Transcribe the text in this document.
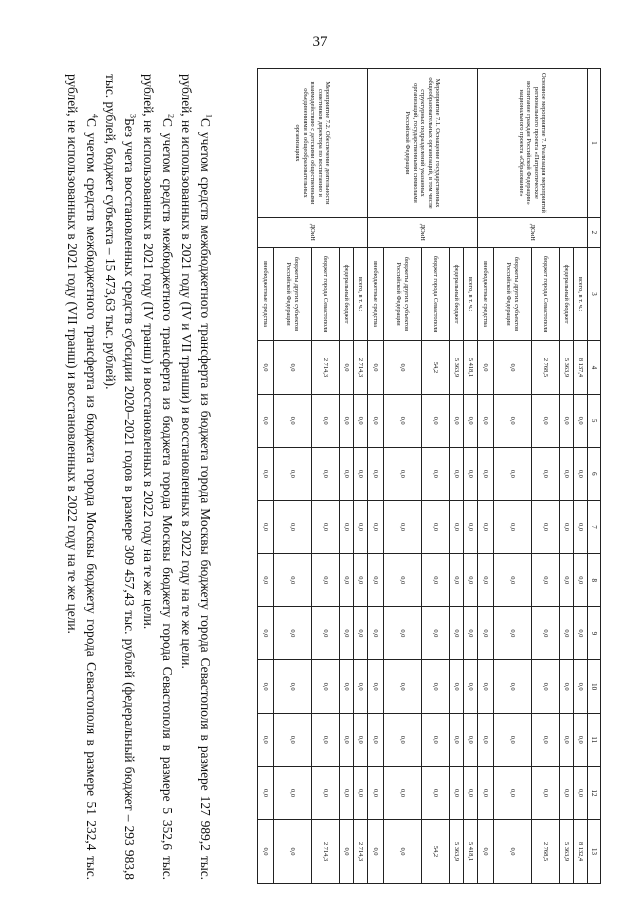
37
1	2	3	4	5	6	7	8	9	10	11	12	13
Основное мероприятие 7. Реализация мероприятий регионального проекта «Патриотическое воспитание граждан Российской Федерации» национального проекта «Образование»	ДОиН	всего, в т. ч.:	8 137,4	0,0	0,0	0,0	0,0	0,0	0,0	0,0	0,0	8 132,4
		федеральный бюджет	5 363,9	0,0	0,0	0,0	0,0	0,0	0,0	0,0	0,0	5 363,9
		бюджет города Севастополя	2 768,5	0,0	0,0	0,0	0,0	0,0	0,0	0,0	0,0	2 768,5
		бюджеты других субъектов Российской Федерации	0,0	0,0	0,0	0,0	0,0	0,0	0,0	0,0	0,0	0,0
		внебюджетные средства	0,0	0,0	0,0	0,0	0,0	0,0	0,0	0,0	0,0	0,0
Мероприятие 7.1. Оснащение государственных общеобразовательных организаций, в том числе структурных подразделений указанных организаций, государственными символами Российской Федерации	ДОиН	всего, в т. ч.:	5 418,1	0,0	0,0	0,0	0,0	0,0	0,0	0,0	0,0	5 418,1
		федеральный бюджет	5 363,9	0,0	0,0	0,0	0,0	0,0	0,0	0,0	0,0	5 363,9
		бюджет города Севастополя	54,2	0,0	0,0	0,0	0,0	0,0	0,0	0,0	0,0	54,2
		бюджеты других субъектов Российской Федерации	0,0	0,0	0,0	0,0	0,0	0,0	0,0	0,0	0,0	0,0
		внебюджетные средства	0,0	0,0	0,0	0,0	0,0	0,0	0,0	0,0	0,0	0,0
Мероприятие 7.2. Обеспечение деятельности советников директора по воспитанию и взаимодействию с детскими общественными объединениями в общеобразовательных организациях	ДОиН	всего, в т. ч.:	2 714,3	0,0	0,0	0,0	0,0	0,0	0,0	0,0	0,0	2 714,3
		федеральный бюджет	0,0	0,0	0,0	0,0	0,0	0,0	0,0	0,0	0,0	0,0
		бюджет города Севастополя	2 714,3	0,0	0,0	0,0	0,0	0,0	0,0	0,0	0,0	2 714,3
		бюджеты других субъектов Российской Федерации	0,0	0,0	0,0	0,0	0,0	0,0	0,0	0,0	0,0	0,0
		внебюджетные средства	0,0	0,0	0,0	0,0	0,0	0,0	0,0	0,0	0,0	0,0

$^1$С учетом средств межбюджетного трансферта из бюджета города Москвы бюджету города Севастополя в размере 127 989,2 тыс. рублей, не использованных в 2021 году (IV и VII транши) и восстановленных в 2022 году на те же цели.

$^2$С учетом средств межбюджетного трансферта из бюджета города Москвы бюджету города Севастополя в размере 5 352,6 тыс. рублей, не использованных в 2021 году (IV транш) и восстановленных в 2022 году на те же цели.

$^3$Без учета восстановленных средств субсидии 2020–2021 годов в размере 309 457,43 тыс. рублей (федеральный бюджет – 293 983,8 тыс. рублей, бюджет субъекта – 15 473,63 тыс. рублей).

$^4$С учетом средств межбюджетного трансферта из бюджета города Москвы бюджету города Севастополя в размере 51 232,4 тыс. рублей, не использованных в 2021 году (VII транш) и восстановленных в 2022 году на те же цели.
